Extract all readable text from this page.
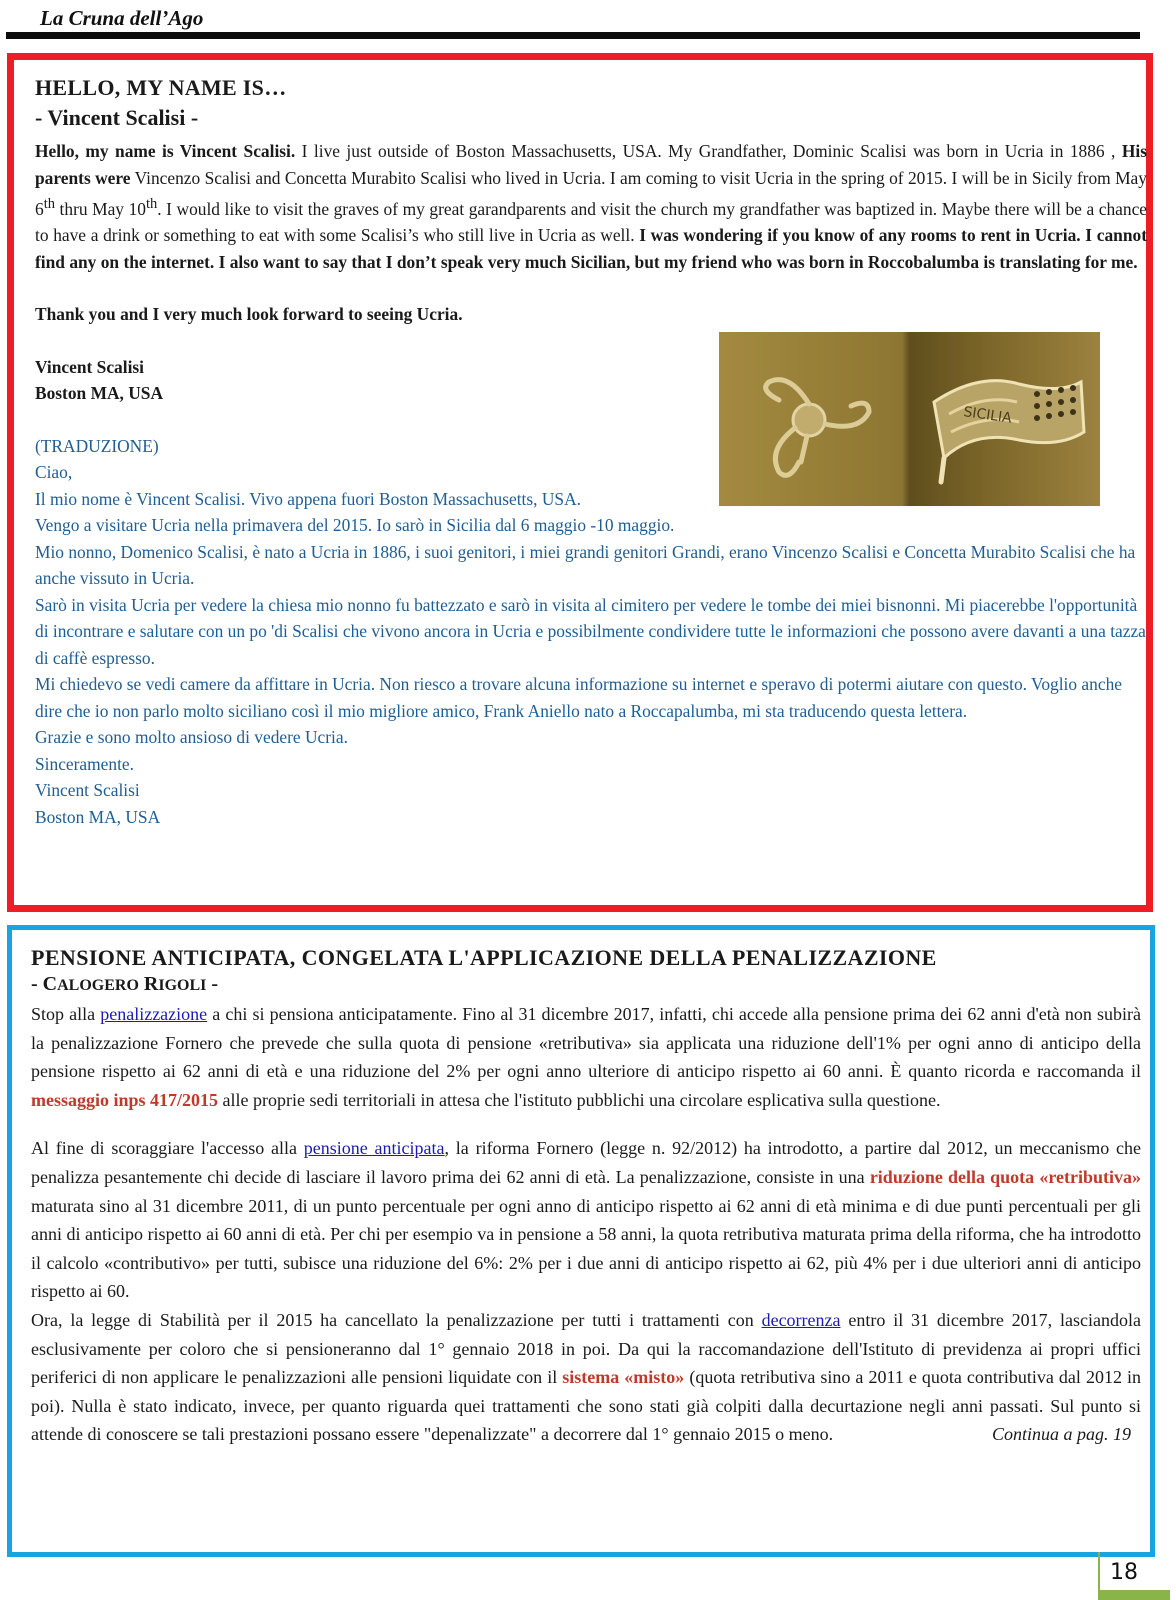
La Cruna dell’Ago
HELLO, MY NAME IS…
- Vincent Scalisi -

Hello, my name is Vincent Scalisi. I live just outside of Boston Massachusetts, USA. My Grandfather, Dominic Scalisi was born in Ucria in 1886 , His parents were Vincenzo Scalisi and Concetta Murabito Scalisi who lived in Ucria. I am coming to visit Ucria in the spring of 2015. I will be in Sicily from May 6th thru May 10th. I would like to visit the graves of my great garandparents and visit the church my grandfather was baptized in. Maybe there will be a chance to have a drink or something to eat with some Scalisi’s who still live in Ucria as well. I was wondering if you know of any rooms to rent in Ucria. I cannot find any on the internet. I also want to say that I don’t speak very much Sicilian, but my friend who was born in Roccobalumba is translating for me.

Thank you and I very much look forward to seeing Ucria.

Vincent Scalisi

Boston MA, USA

(TRADUZIONE)

Ciao,

Il mio nome è Vincent Scalisi. Vivo appena fuori Boston Massachusetts, USA.

Vengo a visitare Ucria nella primavera del 2015. Io sarò in Sicilia dal 6 maggio -10 maggio.

Mio nonno, Domenico Scalisi, è nato a Ucria in 1886, i suoi genitori, i miei grandi genitori Grandi, erano Vincenzo Scalisi e Concetta Murabito Scalisi che ha anche vissuto in Ucria.

Sarò in visita Ucria per vedere la chiesa mio nonno fu battezzato e sarò in visita al cimitero per vedere le tombe dei miei bisnonni. Mi piacerebbe l'opportunità di incontrare e salutare con un po 'di Scalisi che vivono ancora in Ucria e possibilmente condividere tutte le informazioni che possono avere davanti a una tazza di caffè espresso.

Mi chiedevo se vedi camere da affittare in Ucria. Non riesco a trovare alcuna informazione su internet e speravo di potermi aiutare con questo. Voglio anche dire che io non parlo molto siciliano così il mio migliore amico, Frank Aniello nato a Roccapalumba, mi sta traducendo questa lettera.

Grazie e sono molto ansioso di vedere Ucria.

Sinceramente.

Vincent Scalisi

Boston MA, USA

SICILIA
PENSIONE ANTICIPATA, CONGELATA L'APPLICAZIONE DELLA PENALIZZAZIONE
- CALOGERO RIGOLI -

Stop alla penalizzazione a chi si pensiona anticipatamente. Fino al 31 dicembre 2017, infatti, chi accede alla pensione prima dei 62 anni d'età non subirà la penalizzazione Fornero che prevede che sulla quota di pensione «retributiva» sia applicata una riduzione dell'1% per ogni anno di anticipo della pensione rispetto ai 62 anni di età e una riduzione del 2% per ogni anno ulteriore di anticipo rispetto ai 60 anni. È quanto ricorda e raccomanda il messaggio inps 417/2015 alle proprie sedi territoriali in attesa che l'istituto pubblichi una circolare esplicativa sulla questione.

Al fine di scoraggiare l'accesso alla pensione anticipata, la riforma Fornero (legge n. 92/2012) ha introdotto, a partire dal 2012, un meccanismo che penalizza pesantemente chi decide di lasciare il lavoro prima dei 62 anni di età. La penalizzazione, consiste in una riduzione della quota «retributiva» maturata sino al 31 dicembre 2011, di un punto percentuale per ogni anno di anticipo rispetto ai 62 anni di età minima e di due punti percentuali per gli anni di anticipo rispetto ai 60 anni di età. Per chi per esempio va in pensione a 58 anni, la quota retributiva maturata prima della riforma, che ha introdotto il calcolo «contributivo» per tutti, subisce una riduzione del 6%: 2% per i due anni di anticipo rispetto ai 62, più 4% per i due ulteriori anni di anticipo rispetto ai 60.

Ora, la legge di Stabilità per il 2015 ha cancellato la penalizzazione per tutti i trattamenti con decorrenza entro il 31 dicembre 2017, lasciandola esclusivamente per coloro che si pensioneranno dal 1° gennaio 2018 in poi. Da qui la raccomandazione dell'Istituto di previdenza ai propri uffici periferici di non applicare le penalizzazioni alle pensioni liquidate con il sistema «misto» (quota retributiva sino a 2011 e quota contributiva dal 2012 in poi). Nulla è stato indicato, invece, per quanto riguarda quei trattamenti che sono stati già colpiti dalla decurtazione negli anni passati. Sul punto si attende di conoscere se tali prestazioni possano essere "depenalizzate" a decorrere dal 1° gennaio 2015 o meno.	Continua a pag. 19

18
